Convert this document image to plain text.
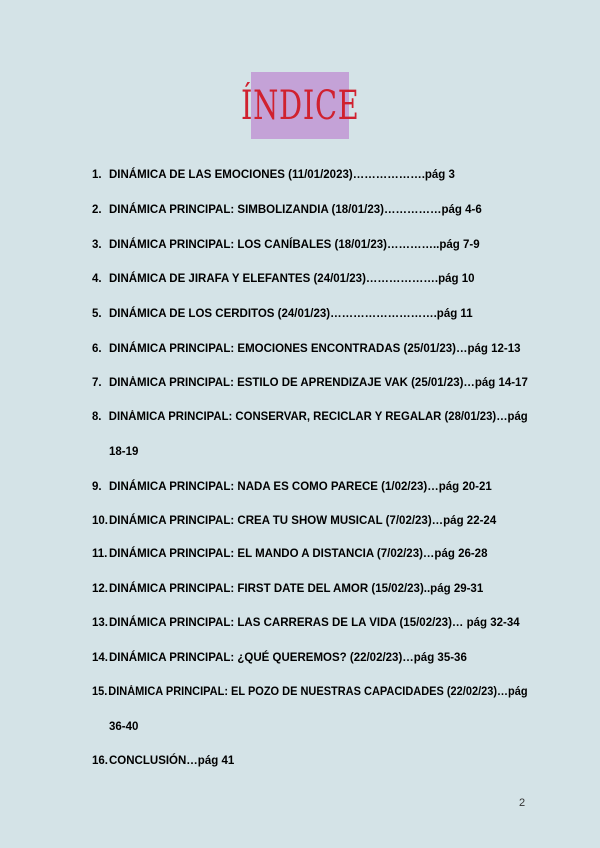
ÍNDICE
1. DINÁMICA DE LAS EMOCIONES (11/01/2023)……………….pág 3
2. DINÁMICA PRINCIPAL: SIMBOLIZANDIA (18/01/23)……………pág 4-6
3. DINÁMICA PRINCIPAL: LOS CANÍBALES (18/01/23)…………..pág 7-9
4. DINÁMICA DE JIRAFA Y ELEFANTES (24/01/23)……………….pág 10
5. DINÁMICA DE LOS CERDITOS (24/01/23)……………………….pág 11
6. DINÁMICA PRINCIPAL: EMOCIONES ENCONTRADAS (25/01/23)…pág 12-13
7. DINÁMICA PRINCIPAL: ESTILO DE APRENDIZAJE VAK (25/01/23)…pág 14-17
8. DINÁMICA PRINCIPAL: CONSERVAR, RECICLAR Y REGALAR (28/01/23)…pág
18-19
9. DINÁMICA PRINCIPAL: NADA ES COMO PARECE (1/02/23)…pág 20-21
10.DINÁMICA PRINCIPAL: CREA TU SHOW MUSICAL (7/02/23)…pág 22-24
11. DINÁMICA PRINCIPAL: EL MANDO A DISTANCIA (7/02/23)…pág 26-28
12.DINÁMICA PRINCIPAL: FIRST DATE DEL AMOR (15/02/23)..pág 29-31
13.DINÁMICA PRINCIPAL: LAS CARRERAS DE LA VIDA (15/02/23)… pág 32-34
14.DINÁMICA PRINCIPAL: ¿QUÉ QUEREMOS? (22/02/23)…pág 35-36
15.DINÁMICA PRINCIPAL: EL POZO DE NUESTRAS CAPACIDADES (22/02/23)…pág
36-40
16.CONCLUSIÓN…pág 41
2
